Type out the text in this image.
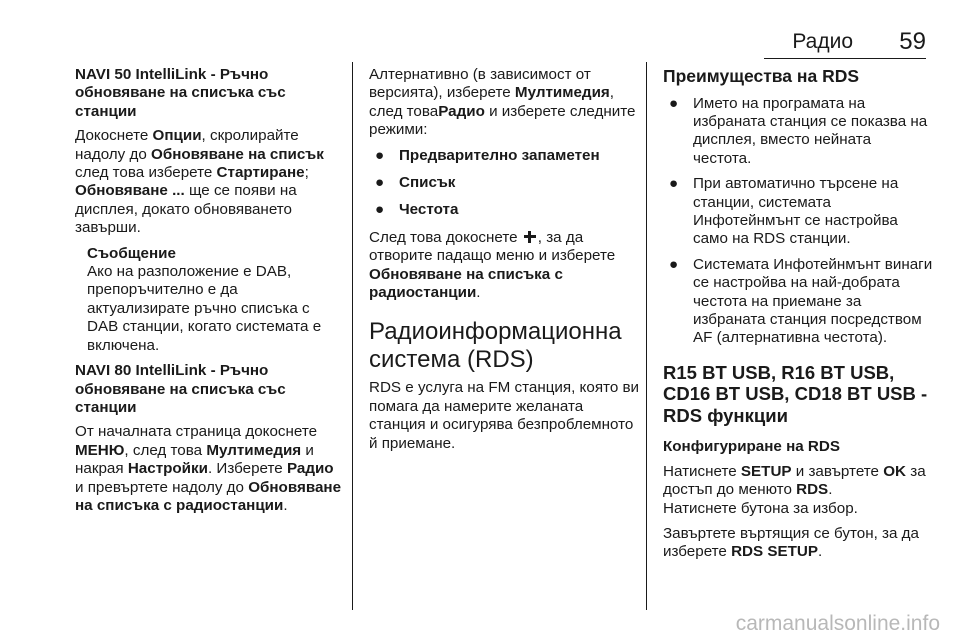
Радио 59
NAVI 50 IntelliLink - Ръчно обновяване на списъка със станции

Докоснете Опции, скролирайте надолу до Обновяване на списък след това изберете Стартиране; Обновяване ... ще се появи на дисплея, докато обновяването завърши.

Съобщение
Ако на разположение е DAB, препоръчително е да актуализирате ръчно списъка с DAB станции, когато системата е включена.
NAVI 80 IntelliLink - Ръчно обновяване на списъка със станции

От началната страница докоснете МЕНЮ, след това Мултимедия и накрая Настройки. Изберете Радио и превъртете надолу до Обновяване на списъка с радиостанции.

Алтернативно (в зависимост от версията), изберете Мултимедия, след товаРадио и изберете следните режими:

● Предварително запаметен
● Списък
● Честота

След това докоснете , за да отворите падащо меню и изберете Обновяване на списъка с радиостанции.

Радиоинформационна система (RDS)

RDS е услуга на FM станция, която ви помага да намерите желаната станция и осигурява безпроблемното й приемане.

Преимущества на RDS
● Името на програмата на избраната станция се показва на дисплея, вместо нейната честота.
● При автоматично търсене на станции, системата Инфотейнмънт се настройва само на RDS станции.
● Системата Инфотейнмънт винаги се настройва на най-добрата честота на приемане за избраната станция посредством AF (алтернативна честота).
R15 BT USB, R16 BT USB, CD16 BT USB, CD18 BT USB - RDS функции
Конфигуриране на RDS

Натиснете SETUP и завъртете OK за достъп до менюто RDS.
Натиснете бутона за избор.

Завъртете въртящия се бутон, за да изберете RDS SETUP.

carmanualsonline.info
